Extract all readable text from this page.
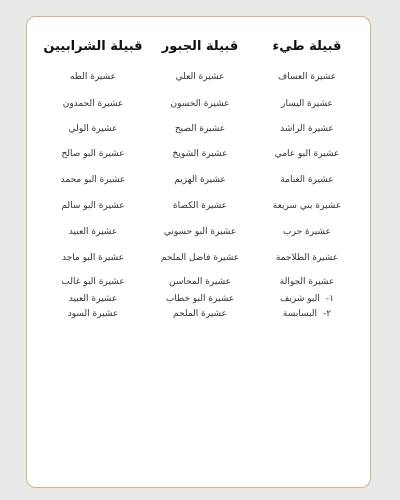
قبيلة طيء
عشيرة العساف
عشيرة اليسار
عشيرة الراشد
عشيرة البو عامي
عشيرة الغنامة
عشيرة بني سريعة
عشيرة حرب
عشيرة الطلاجمة
عشيرة الجوالة
١-البو شريف
٢-البسابسة
قبيلة الجبور
عشيرة العلي
عشيرة الحسون
عشيرة الصبح
عشيرة الشويخ
عشيرة الهزيم
عشيرة الكصاة
عشيرة البو حسوني
عشيرة فاضل الملحم
عشيرة المحاسن
عشيرة البو خطاب
عشيرة الملحم
قبيلة الشرابيين
عشيرة الطه
عشيرة الحمدون
عشيرة الولي
عشيرة البو صالح
عشيرة البو محمد
عشيرة البو سالم
عشيرة العبيد
عشيرة البو ماجد
عشيرة البو غالب
عشيرة العبيد
عشيرة السود
